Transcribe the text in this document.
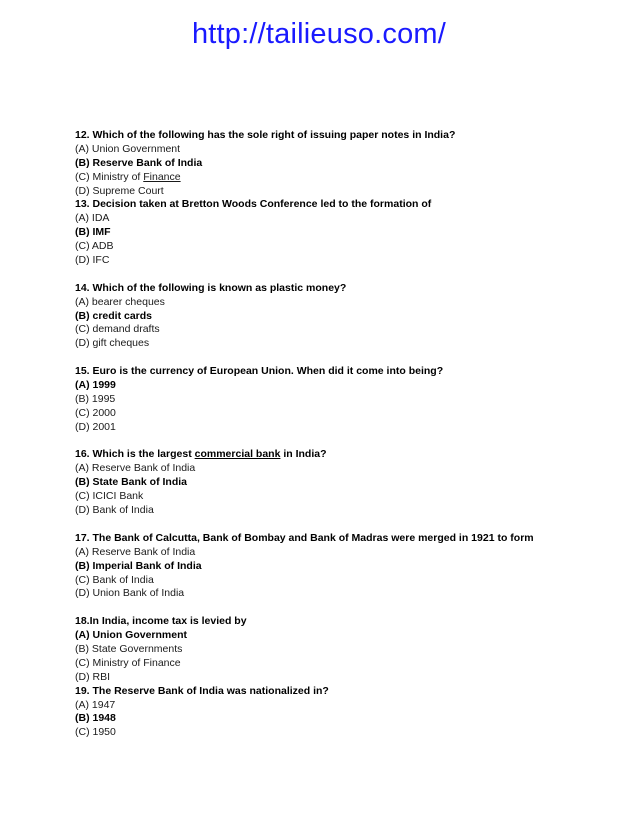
http://tailieuso.com/
12. Which of the following has the sole right of issuing paper notes in India?
(A) Union Government
(B) Reserve Bank of India
(C) Ministry of Finance
(D) Supreme Court
13. Decision taken at Bretton Woods Conference led to the formation of
(A) IDA
(B) IMF
(C) ADB
(D) IFC
14. Which of the following is known as plastic money?
(A) bearer cheques
(B) credit cards
(C) demand drafts
(D) gift cheques
15. Euro is the currency of European Union. When did it come into being?
(A) 1999
(B) 1995
(C) 2000
(D) 2001
16. Which is the largest commercial bank in India?
(A) Reserve Bank of India
(B) State Bank of India
(C) ICICI Bank
(D) Bank of India
17. The Bank of Calcutta, Bank of Bombay and Bank of Madras were merged in 1921 to form
(A) Reserve Bank of India
(B) Imperial Bank of India
(C) Bank of India
(D) Union Bank of India
18.In India, income tax is levied by
(A) Union Government
(B) State Governments
(C) Ministry of Finance
(D) RBI
19. The Reserve Bank of India was nationalized in?
(A) 1947
(B) 1948
(C) 1950
